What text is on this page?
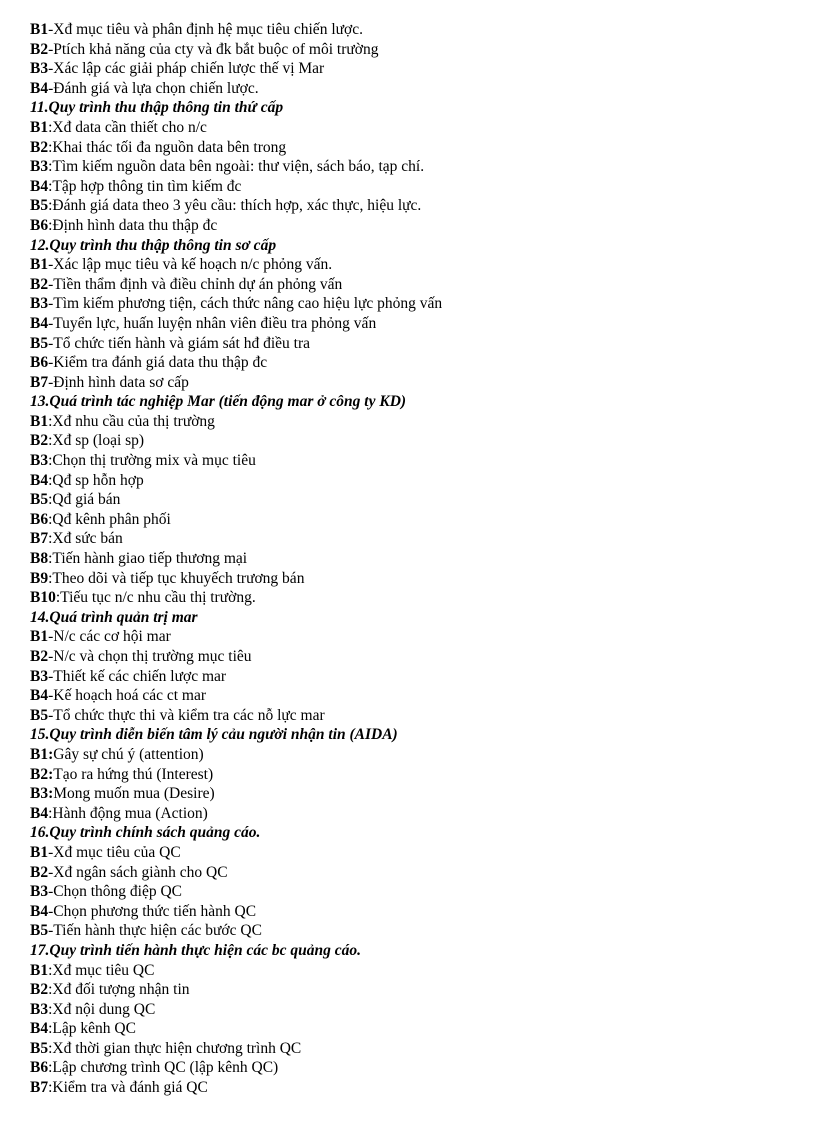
B1-Xđ mục tiêu và phân định hệ mục tiêu chiến lược.
B2-Ptích khả năng của cty và đk bắt buộc of môi trường
B3-Xác lập các giải pháp chiến lược thế vị Mar
B4-Đánh giá và lựa chọn chiến lược.
11.Quy trình thu thập thông tin thứ cấp
B1:Xđ data cần thiết cho n/c
B2:Khai thác tối đa nguồn data bên trong
B3:Tìm kiếm nguồn data bên ngoài: thư viện, sách báo, tạp chí.
B4:Tập hợp thông tin tìm kiếm đc
B5:Đánh giá data theo 3 yêu cầu: thích hợp, xác thực, hiệu lực.
B6:Định hình data thu thập đc
12.Quy trình thu thập thông tin sơ cấp
B1-Xác lập mục tiêu và kế hoạch n/c phỏng vấn.
B2-Tiền thẩm định và điều chỉnh dự án phỏng vấn
B3-Tìm kiếm phương tiện, cách thức nâng cao hiệu lực phỏng vấn
B4-Tuyển lực, huấn luyện nhân viên điều tra phỏng vấn
B5-Tổ chức tiến hành và giám sát hđ điều tra
B6-Kiểm tra đánh giá data thu thập đc
B7-Định hình data sơ cấp
13.Quá trình tác nghiệp Mar (tiến động mar ở công ty KD)
B1:Xđ nhu cầu của thị trường
B2:Xđ sp (loại sp)
B3:Chọn thị trường mix và mục tiêu
B4:Qđ sp hỗn hợp
B5:Qđ giá bán
B6:Qđ kênh phân phối
B7:Xđ sức bán
B8:Tiến hành giao tiếp thương mại
B9:Theo dõi và tiếp tục khuyếch trương bán
B10:Tiếu tục n/c nhu cầu thị trường.
14.Quá trình quản trị mar
B1-N/c các cơ hội mar
B2-N/c và chọn thị trường mục tiêu
B3-Thiết kế các chiến lược mar
B4-Kế hoạch hoá các ct mar
B5-Tổ chức thực thi và kiểm tra các nỗ lực mar
15.Quy trình diễn biến tâm lý cảu người nhận tin (AIDA)
B1:Gây sự chú ý (attention)
B2:Tạo ra hứng thú (Interest)
B3:Mong muốn mua (Desire)
B4:Hành động mua (Action)
16.Quy trình chính sách quảng cáo.
B1-Xđ mục tiêu của QC
B2-Xđ ngân sách giành cho QC
B3-Chọn thông điệp QC
B4-Chọn phương thức tiến hành QC
B5-Tiến hành thực hiện các bước QC
17.Quy trình tiến hành thực hiện các bc quảng cáo.
B1:Xđ mục tiêu QC
B2:Xđ đối tượng nhận tin
B3:Xđ nội dung QC
B4:Lập kênh QC
B5:Xđ thời gian thực hiện chương trình QC
B6:Lập chương trình QC (lập kênh QC)
B7:Kiểm tra và đánh giá QC
